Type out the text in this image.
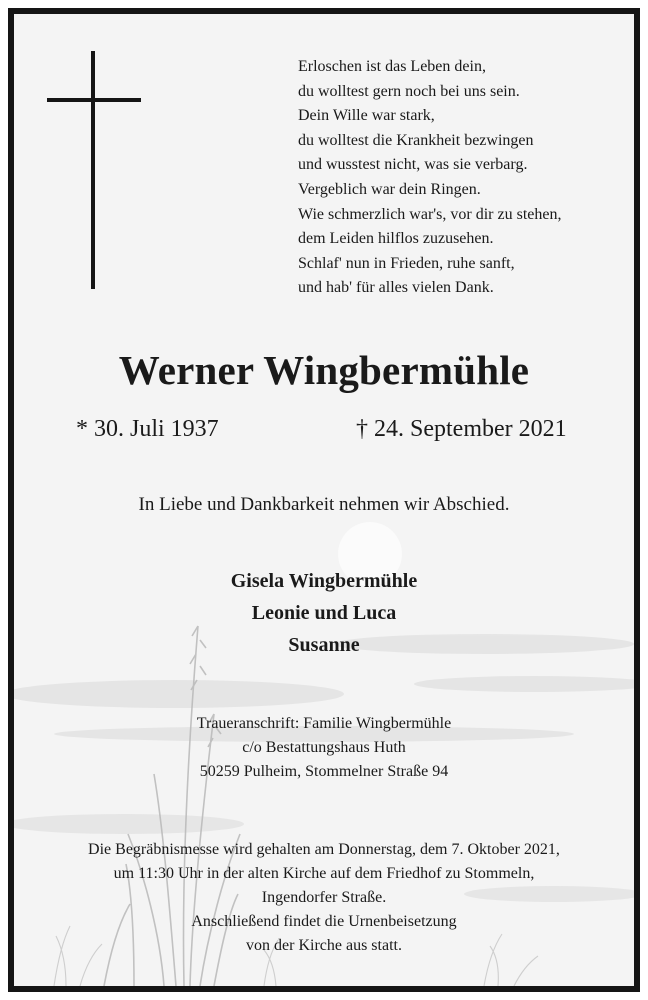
Erloschen ist das Leben dein,
du wolltest gern noch bei uns sein.
Dein Wille war stark,
du wolltest die Krankheit bezwingen
und wusstest nicht, was sie verbarg.
Vergeblich war dein Ringen.
Wie schmerzlich war's, vor dir zu stehen,
dem Leiden hilflos zuzusehen.
Schlaf' nun in Frieden, ruhe sanft,
und hab' für alles vielen Dank.
Werner Wingbermühle
* 30. Juli 1937	† 24. September 2021
In Liebe und Dankbarkeit nehmen wir Abschied.
Gisela Wingbermühle
Leonie und Luca
Susanne
Traueranschrift: Familie Wingbermühle
c/o Bestattungshaus Huth
50259 Pulheim, Stommelner Straße 94
Die Begräbnismesse wird gehalten am Donnerstag, dem 7. Oktober 2021,
um 11:30 Uhr in der alten Kirche auf dem Friedhof zu Stommeln,
Ingendorfer Straße.
Anschließend findet die Urnenbeisetzung
von der Kirche aus statt.
